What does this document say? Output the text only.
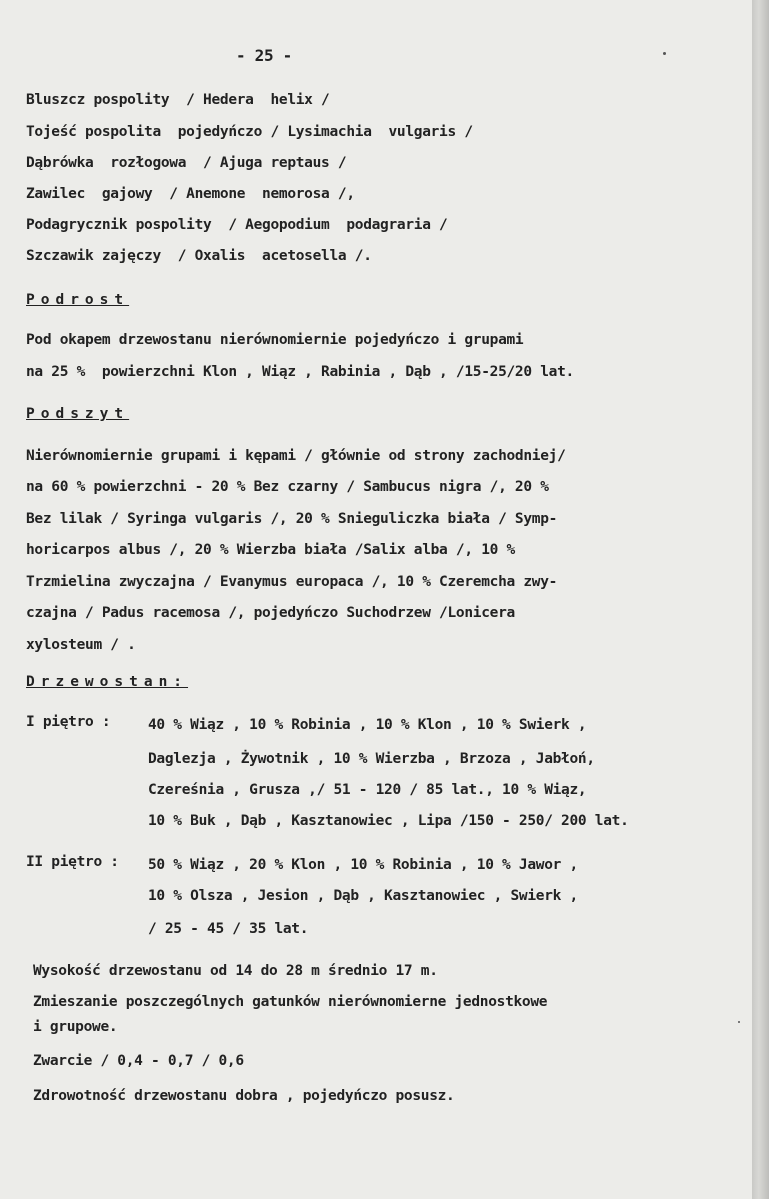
- 25 -
Bluszcz pospolity  / Hedera  helix /
Tojeść pospolita  pojedyńczo / Lysimachia  vulgaris /
Dąbrówka  rozłogowa  / Ajuga reptaus /
Zawilec  gajowy  / Anemone  nemorosa /,
Podagrycznik pospolity  / Aegopodium  podagraria /
Szczawik zajęczy  / Oxalis  acetosella /.
Podrost
Pod okapem drzewostanu nierównomiernie pojedyńczo i grupami
na 25 %  powierzchni Klon , Wiąz , Rabinia , Dąb , /15-25/20 lat.
Podszyt
Nierównomiernie grupami i kępami / głównie od strony zachodniej/
na 60 % powierzchni - 20 % Bez czarny / Sambucus nigra /, 20 %
Bez lilak / Syringa vulgaris /, 20 % Snieguliczka biała / Symp-
horicarpos albus /, 20 % Wierzba biała /Salix alba /, 10 %
Trzmielina zwyczajna / Evanymus europaca /, 10 % Czeremcha zwy-
czajna / Padus racemosa /, pojedyńczo Suchodrzew /Lonicera
xylosteum / .
Drzewostan:
I piętro :	40 % Wiąz , 10 % Robinia , 10 % Klon , 10 % Swierk ,
Daglezja , Żywotnik , 10 % Wierzba , Brzoza , Jabłoń,
Czereśnia , Grusza ,/ 51 - 120 / 85 lat., 10 % Wiąz,
10 % Buk , Dąb , Kasztanowiec , Lipa /150 - 250/ 200 lat.
II piętro : 50 % Wiąz , 20 % Klon , 10 % Robinia , 10 % Jawor ,
10 % Olsza , Jesion , Dąb , Kasztanowiec , Swierk ,
/ 25 - 45 / 35 lat.
Wysokość drzewostanu od 14 do 28 m średnio 17 m.
Zmieszanie poszczególnych gatunków nierównomierne jednostkowe
i grupowe.
Zwarcie / 0,4 - 0,7 / 0,6
Zdrowotność drzewostanu dobra , pojedyńczo posusz.
